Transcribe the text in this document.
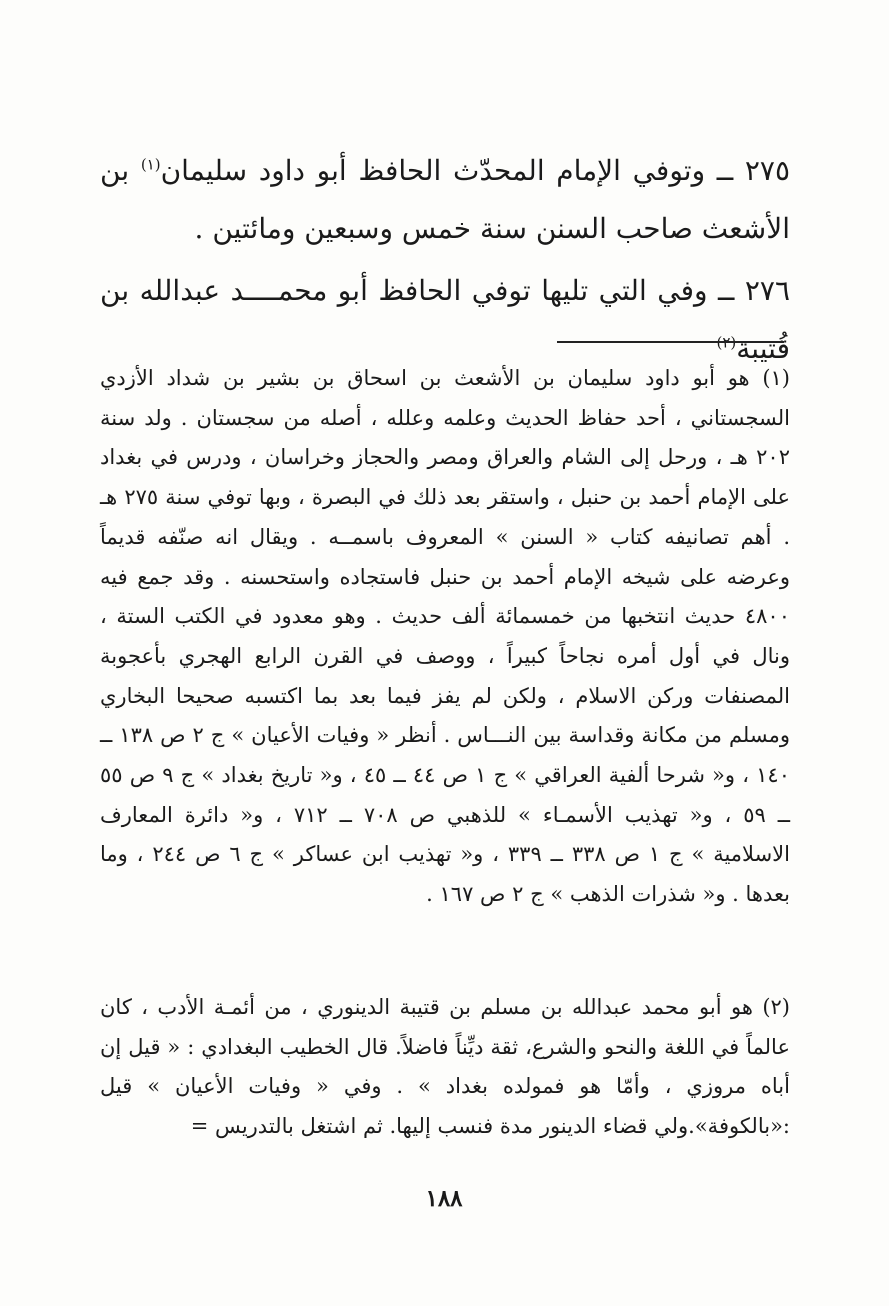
٢٧٥ ــ وتوفي الإمام المحدّث الحافظ أبو داود سليمان$^{(١)}$ بن الأشعث صاحب السنن سنة خمس وسبعين ومائتين .

٢٧٦ ــ وفي التي تليها توفي الحافظ أبو محمــــد عبدالله بن قُتيبة$^{(٢)}$

(١) هو أبو داود سليمان بن الأشعث بن اسحاق بن بشير بن شداد الأزدي السجستاني ، أحد حفاظ الحديث وعلمه وعلله ، أصله من سجستان . ولد سنة ٢٠٢ هـ ، ورحل إلى الشام والعراق ومصر والحجاز وخراسان ، ودرس في بغداد على الإمام أحمد بن حنبل ، واستقر بعد ذلك في البصرة ، وبها توفي سنة ٢٧٥ هـ . أهم تصانيفه كتاب « السنن » المعروف باسمــه . ويقال انه صنّفه قديماً وعرضه على شيخه الإمام أحمد بن حنبل فاستجاده واستحسنه . وقد جمع فيه ٤٨٠٠ حديث انتخبها من خمسمائة ألف حديث . وهو معدود في الكتب الستة ، ونال في أول أمره نجاحاً كبيراً ، ووصف في القرن الرابع الهجري بأعجوبة المصنفات وركن الاسلام ، ولكن لم يفز فيما بعد بما اكتسبه صحيحا البخاري ومسلم من مكانة وقداسة بين النـــاس . أنظر « وفيات الأعيان » ج ٢ ص ١٣٨ ــ ١٤٠ ، و« شرحا ألفية العراقي » ج ١ ص ٤٤ ــ ٤٥ ، و« تاريخ بغداد » ج ٩ ص ٥٥ ــ ٥٩ ، و« تهذيب الأسمـاء » للذهبي ص ٧٠٨ ــ ٧١٢ ، و« دائرة المعارف الاسلامية » ج ١ ص ٣٣٨ ــ ٣٣٩ ، و« تهذيب ابن عساكر » ج ٦ ص ٢٤٤ ، وما بعدها . و« شذرات الذهب » ج ٢ ص ١٦٧ .

(٢) هو أبو محمد عبدالله بن مسلم بن قتيبة الدينوري ، من أئمـة الأدب ، كان عالماً في اللغة والنحو والشرع، ثقة ديِّناً فاضلاً. قال الخطيب البغدادي : « قيل إن أباه مروزي ، وأمّا هو فمولده بغداد » . وفي « وفيات الأعيان » قيل :«بالكوفة».ولي قضاء الدينور مدة فنسب إليها. ثم اشتغل بالتدريس =

١٨٨
